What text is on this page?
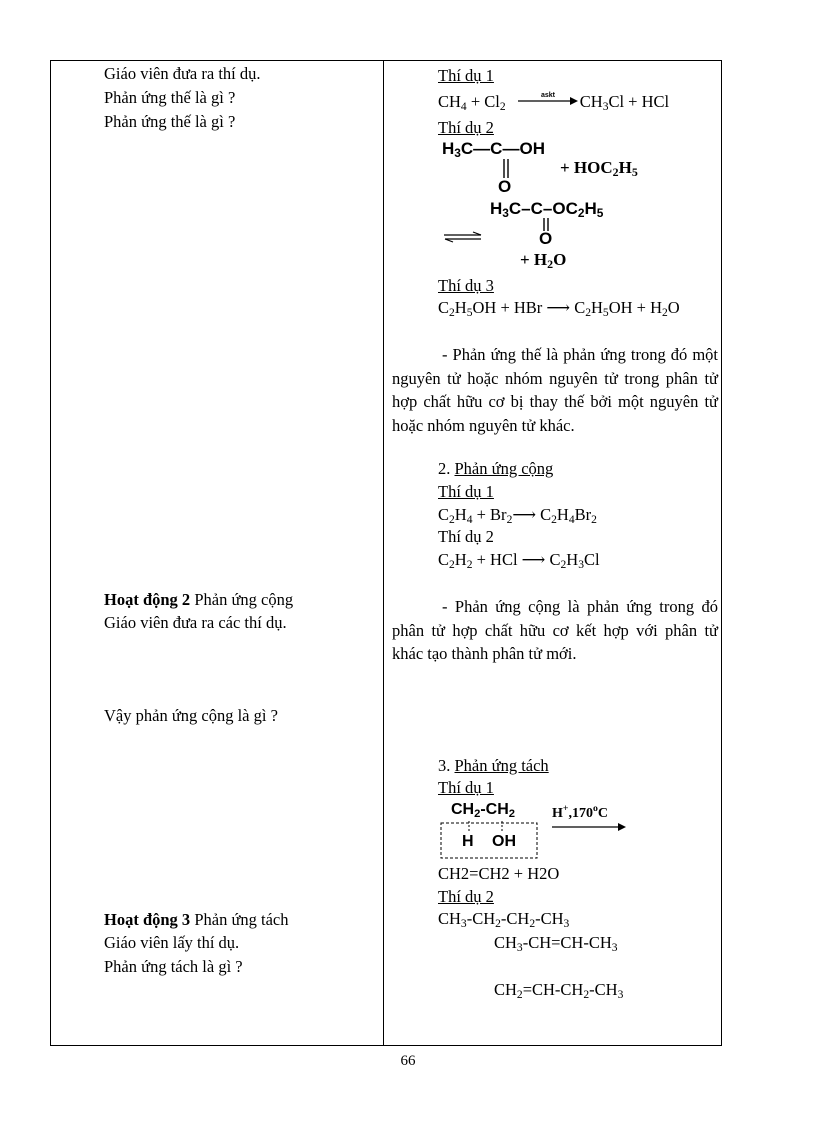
Giáo viên đưa ra thí dụ.
Phản ứng thế là gì ?
Phản ứng thế là gì ?
Hoạt động 2 Phản ứng cộng
Giáo viên đưa ra các thí dụ.
Vậy phản ứng cộng là gì ?
Hoạt động 3 Phản ứng tách
Giáo viên lấy thí dụ.
Phản ứng tách là gì ?
Thí dụ 1
$CH_4 + Cl_2$	$CH_3Cl$ + HCl
askt
Thí dụ 2
$H_3C—C—OH$
O
+ $HOC_2H_5$
$H_3C-C-OC_2H_5$
O
+ $H_2O$
Thí dụ 3
$C_2H_5OH$ + HBr ⟶ $C_2H_5OH + H_2O$
- Phản ứng thế là phản ứng trong đó một nguyên tử hoặc nhóm nguyên tử trong phân tử hợp chất hữu cơ bị thay thế bởi một nguyên tử hoặc nhóm nguyên tử khác.
2. Phản ứng cộng
Thí dụ 1
$C_2H_4$ + $Br_2⟶$ $C_2H_4Br_2$
Thí dụ 2
$C_2H_2$ + HCl ⟶ $C_2H_3Cl$
- Phản ứng cộng là phản ứng trong đó phân tử hợp chất hữu cơ kết hợp với phân tử khác tạo thành phân tử mới.
3. Phản ứng tách
Thí dụ 1
$CH_2-CH_2$
H OH
H+,170$^o$C
CH2=CH2 + H2O
Thí dụ 2
$CH_3-CH_2-CH_2-CH_3$
$CH_3-CH=CH-CH_3$
$CH_2=CH-CH_2-CH_3$
66
